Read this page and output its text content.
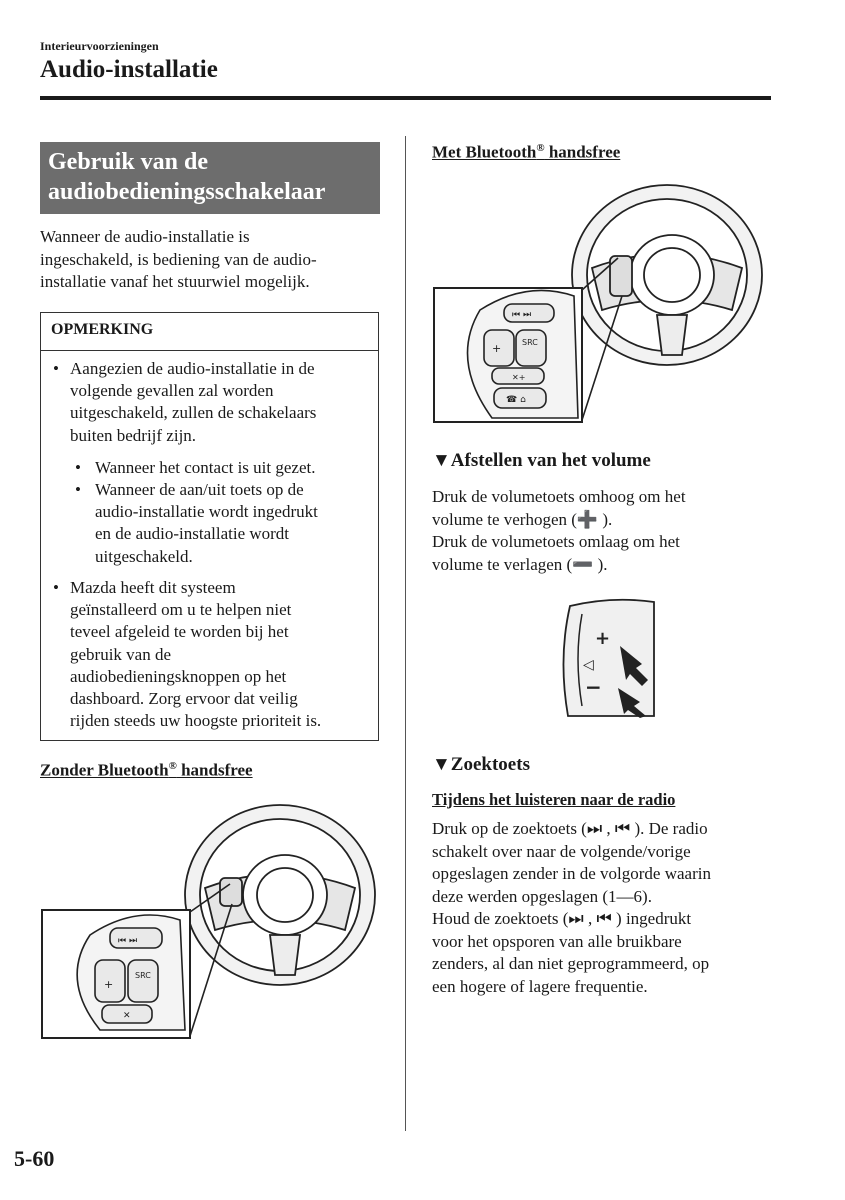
Interieurvoorzieningen
Audio-installatie
Gebruik van de audiobedieningsschakelaar
Wanneer de audio-installatie is
ingeschakeld, is bediening van de audio-
installatie vanaf het stuurwiel mogelijk.
OPMERKING
• Aangezien de audio-installatie in de
volgende gevallen zal worden
uitgeschakeld, zullen de schakelaars
buiten bedrijf zijn.
• Wanneer het contact is uit gezet.
• Wanneer de aan/uit toets op de
audio-installatie wordt ingedrukt
en de audio-installatie wordt
uitgeschakeld.
• Mazda heeft dit systeem
geïnstalleerd om u te helpen niet
teveel afgeleid te worden bij het
gebruik van de
audiobedieningsknoppen op het
dashboard. Zorg ervoor dat veilig
rijden steeds uw hoogste prioriteit is.
Zonder Bluetooth® handsfree
⏮ ⏭
+
SRC
✕
Met Bluetooth® handsfree
⏮ ⏭
+	SRC
✕+
☎ ⌂
▼Afstellen van het volume
Druk de volumetoets omhoog om het
volume te verhogen (➕ ).
Druk de volumetoets omlaag om het
volume te verlagen (➖ ).
+
◁
−
▼Zoektoets
Tijdens het luisteren naar de radio
Druk op de zoektoets (⏭ , ⏮ ). De radio
schakelt over naar de volgende/vorige
opgeslagen zender in de volgorde waarin
deze werden opgeslagen (1—6).
Houd de zoektoets (⏭ , ⏮ ) ingedrukt
voor het opsporen van alle bruikbare
zenders, al dan niet geprogrammeerd, op
een hogere of lagere frequentie.
5-60
